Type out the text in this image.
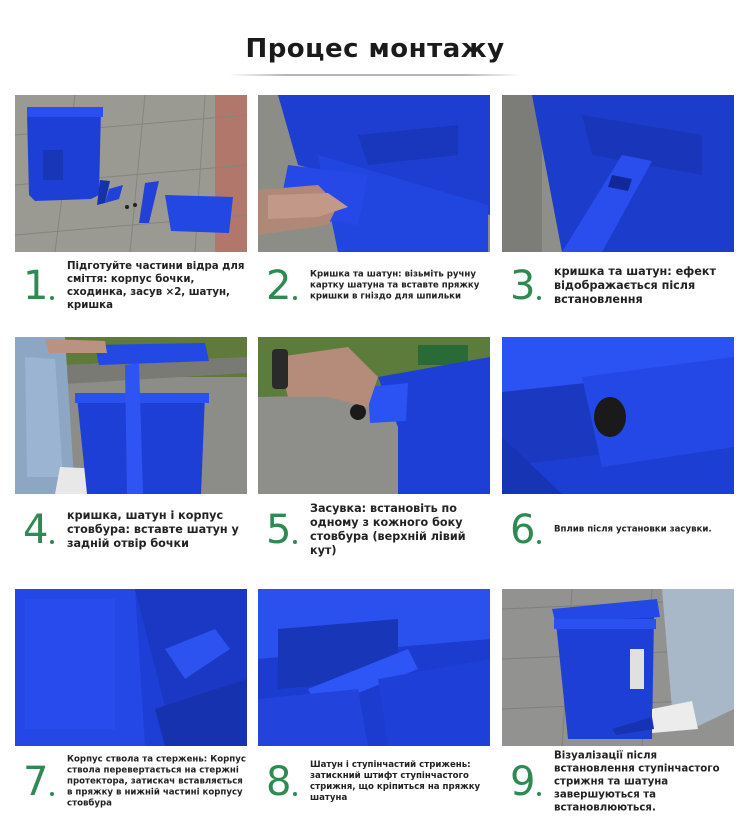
Процес монтажу
1 Підготуйте частини відра для сміття: корпус бочки, сходинка, засув ×2, шатун, кришка	2 Кришка та шатун: візьміть ручну картку шатуна та вставте пряжку кришки в гніздо для шпильки	3 кришка та шатун: ефект відображається після встановлення
4 кришка, шатун і корпус стовбура: вставте шатун у задній отвір бочки	5 Засувка: встановіть по одному з кожного боку стовбура (верхній лівий кут)	6 Вплив після установки засувки.
7 Корпус ствола та стержень: Корпус ствола перевертається на стержні протектора, затискач вставляється в пряжку в нижній частині корпусу стовбура	8 Шатун і ступінчастий стрижень: затискний штифт ступінчастого стрижня, що кріпиться на пряжку шатуна	9
Візуалізації після встановлення ступінчастого стрижня та шатуна завершуються та встановлюються.
